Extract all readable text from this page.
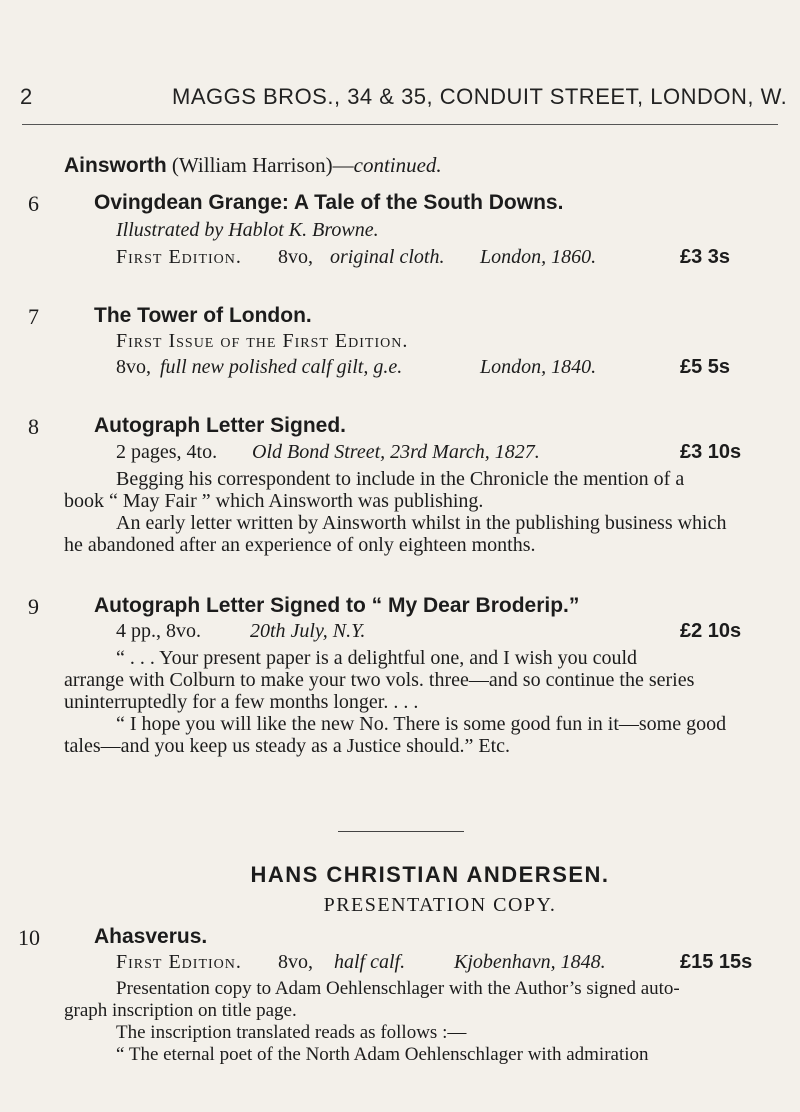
2	MAGGS BROS., 34 & 35, CONDUIT STREET, LONDON, W.
Ainsworth (William Harrison)—continued.
6	Ovingdean Grange: A Tale of the South Downs.
Illustrated by Hablot K. Browne.
First Edition. 8vo, original cloth. London, 1860.	£3 3s
7	The Tower of London.
First Issue of the First Edition.
8vo, full new polished calf gilt, g.e.	London, 1840.	£5 5s
8	Autograph Letter Signed.
2 pages, 4to. Old Bond Street, 23rd March, 1827.	£3 10s
Begging his correspondent to include in the Chronicle the mention of a
book “ May Fair ” which Ainsworth was publishing.
An early letter written by Ainsworth whilst in the publishing business which
he abandoned after an experience of only eighteen months.
9	Autograph Letter Signed to “ My Dear Broderip.”
4 pp., 8vo. 20th July, N.Y.	£2 10s
“ . . . Your present paper is a delightful one, and I wish you could
arrange with Colburn to make your two vols. three—and so continue the series
uninterruptedly for a few months longer. . . .
“ I hope you will like the new No. There is some good fun in it—some good
tales—and you keep us steady as a Justice should.” Etc.
HANS CHRISTIAN ANDERSEN.
PRESENTATION COPY.
10	Ahasverus.
First Edition. 8vo, half calf. Kjobenhavn, 1848.	£15 15s
Presentation copy to Adam Oehlenschlager with the Author’s signed auto-
graph inscription on title page.
The inscription translated reads as follows :—
“ The eternal poet of the North Adam Oehlenschlager with admiration
